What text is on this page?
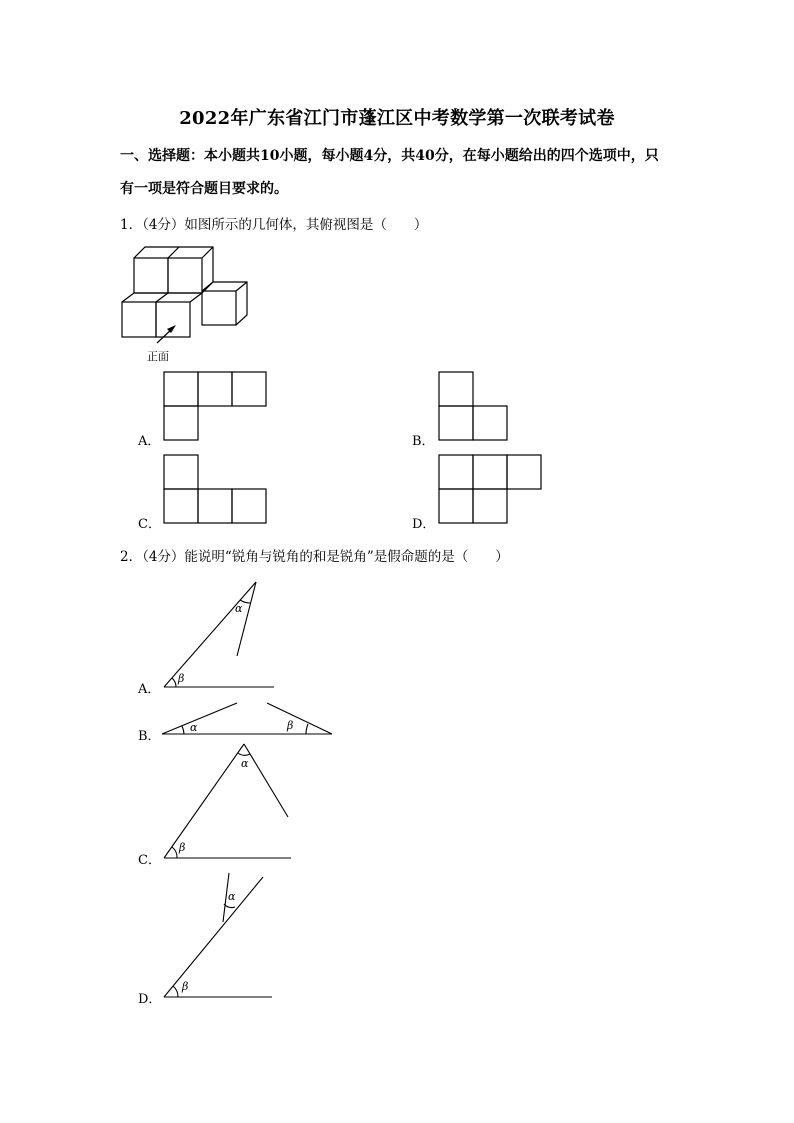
2022年广东省江门市蓬江区中考数学第一次联考试卷
一、选择题：本小题共10小题，每小题4分，共40分，在每小题给出的四个选项中，只
有一项是符合题目要求的。
1．（4分）如图所示的几何体，其俯视图是（　　）
α
β
α	β
α
β
α
β
正面
A．	B．
C．	D．
2．（4分）能说明“锐角与锐角的和是锐角”是假命题的是（　　）
A．
B．
C．
D．
